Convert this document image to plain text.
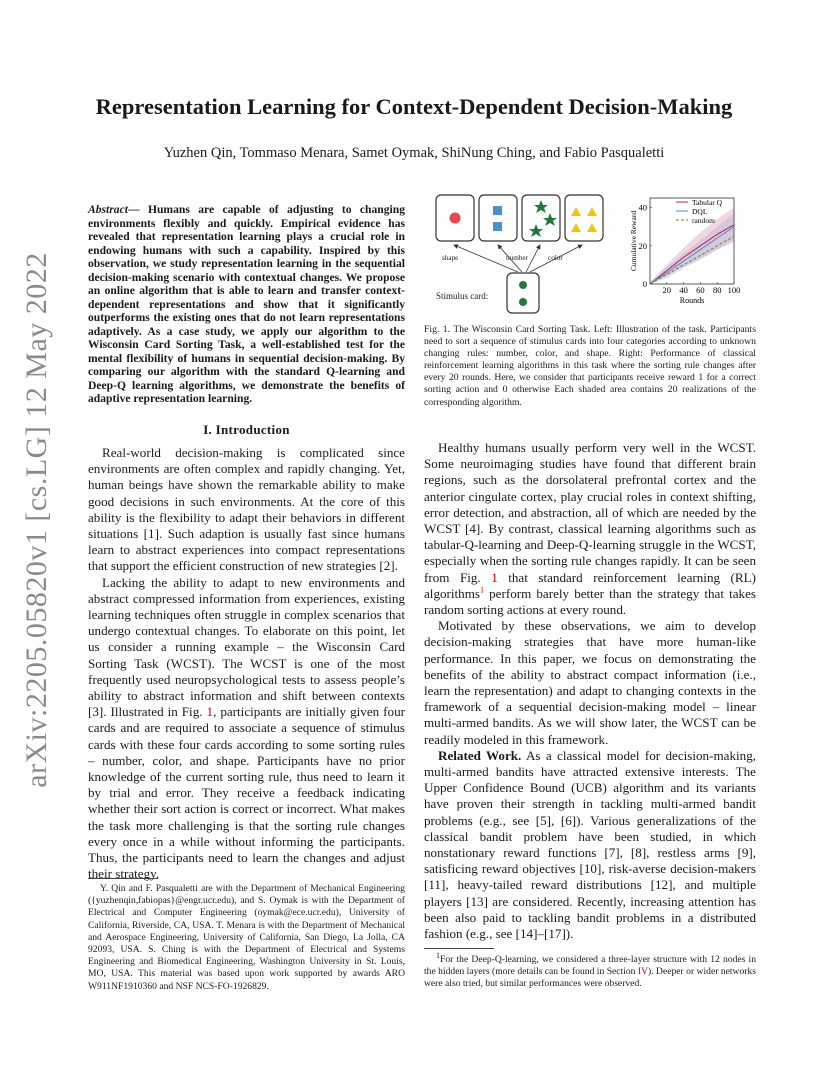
arXiv:2205.05820v1 [cs.LG] 12 May 2022
Representation Learning for Context-Dependent Decision-Making

Yuzhen Qin, Tommaso Menara, Samet Oymak, ShiNung Ching, and Fabio Pasqualetti

Abstract— Humans are capable of adjusting to changing environments flexibly and quickly. Empirical evidence has revealed that representation learning plays a crucial role in endowing humans with such a capability. Inspired by this observation, we study representation learning in the sequential decision-making scenario with contextual changes. We propose an online algorithm that is able to learn and transfer context-dependent representations and show that it significantly outperforms the existing ones that do not learn representations adaptively. As a case study, we apply our algorithm to the Wisconsin Card Sorting Task, a well-established test for the mental flexibility of humans in sequential decision-making. By comparing our algorithm with the standard Q-learning and Deep-Q learning algorithms, we demonstrate the benefits of adaptive representation learning.

shape	number	color
Stimulus card:
20 40 60 80 100
0
20
40
Rounds
Cumulative Reward
Tabular Q
DQL
random

Fig. 1. The Wisconsin Card Sorting Task. Left: Illustration of the task. Participants need to sort a sequence of stimulus cards into four categories according to unknown changing rules: number, color, and shape. Right: Performance of classical reinforcement learning algorithms in this task where the sorting rule changes after every 20 rounds. Here, we consider that participants receive reward 1 for a correct sorting action and 0 otherwise Each shaded area contains 20 realizations of the corresponding algorithm.

I. Introduction

Real-world decision-making is complicated since environments are often complex and rapidly changing. Yet, human beings have shown the remarkable ability to make good decisions in such environments. At the core of this ability is the flexibility to adapt their behaviors in different situations [1]. Such adaption is usually fast since humans learn to abstract experiences into compact representations that support the efficient construction of new strategies [2].

Lacking the ability to adapt to new environments and abstract compressed information from experiences, existing learning techniques often struggle in complex scenarios that undergo contextual changes. To elaborate on this point, let us consider a running example – the Wisconsin Card Sorting Task (WCST). The WCST is one of the most frequently used neuropsychological tests to assess people’s ability to abstract information and shift between contexts [3]. Illustrated in Fig. 1, participants are initially given four cards and are required to associate a sequence of stimulus cards with these four cards according to some sorting rules – number, color, and shape. Participants have no prior knowledge of the current sorting rule, thus need to learn it by trial and error. They receive a feedback indicating whether their sort action is correct or incorrect. What makes the task more challenging is that the sorting rule changes every once in a while without informing the participants. Thus, the participants need to learn the changes and adjust their strategy.

Y. Qin and F. Pasqualetti are with the Department of Mechanical Engineering ({yuzhenqin,fabiopas}@engr.ucr.edu), and S. Oymak is with the Department of Electrical and Computer Engineering (oymak@ece.ucr.edu), University of California, Riverside, CA, USA. T. Menara is with the Department of Mechanical and Aerospace Engineering, University of California, San Diego, La Jolla, CA 92093, USA. S. Ching is with the Department of Electrical and Systems Engineering and Biomedical Engineering, Washington University in St. Louis, MO, USA. This material was based upon work supported by awards ARO W911NF1910360 and NSF NCS-FO-1926829.

Healthy humans usually perform very well in the WCST. Some neuroimaging studies have found that different brain regions, such as the dorsolateral prefrontal cortex and the anterior cingulate cortex, play crucial roles in context shifting, error detection, and abstraction, all of which are needed by the WCST [4]. By contrast, classical learning algorithms such as tabular-Q-learning and Deep-Q-learning struggle in the WCST, especially when the sorting rule changes rapidly. It can be seen from Fig. 1 that standard reinforcement learning (RL) algorithms$^1$ perform barely better than the strategy that takes random sorting actions at every round.

Motivated by these observations, we aim to develop decision-making strategies that have more human-like performance. In this paper, we focus on demonstrating the benefits of the ability to abstract compact information (i.e., learn the representation) and adapt to changing contexts in the framework of a sequential decision-making model – linear multi-armed bandits. As we will show later, the WCST can be readily modeled in this framework.

Related Work. As a classical model for decision-making, multi-armed bandits have attracted extensive interests. The Upper Confidence Bound (UCB) algorithm and its variants have proven their strength in tackling multi-armed bandit problems (e.g., see [5], [6]). Various generalizations of the classical bandit problem have been studied, in which nonstationary reward functions [7], [8], restless arms [9], satisficing reward objectives [10], risk-averse decision-makers [11], heavy-tailed reward distributions [12], and multiple players [13] are considered. Recently, increasing attention has been also paid to tackling bandit problems in a distributed fashion (e.g., see [14]–[17]).

$^1$For the Deep-Q-learning, we considered a three-layer structure with 12 nodes in the hidden layers (more details can be found in Section IV). Deeper or wider networks were also tried, but similar performances were observed.
